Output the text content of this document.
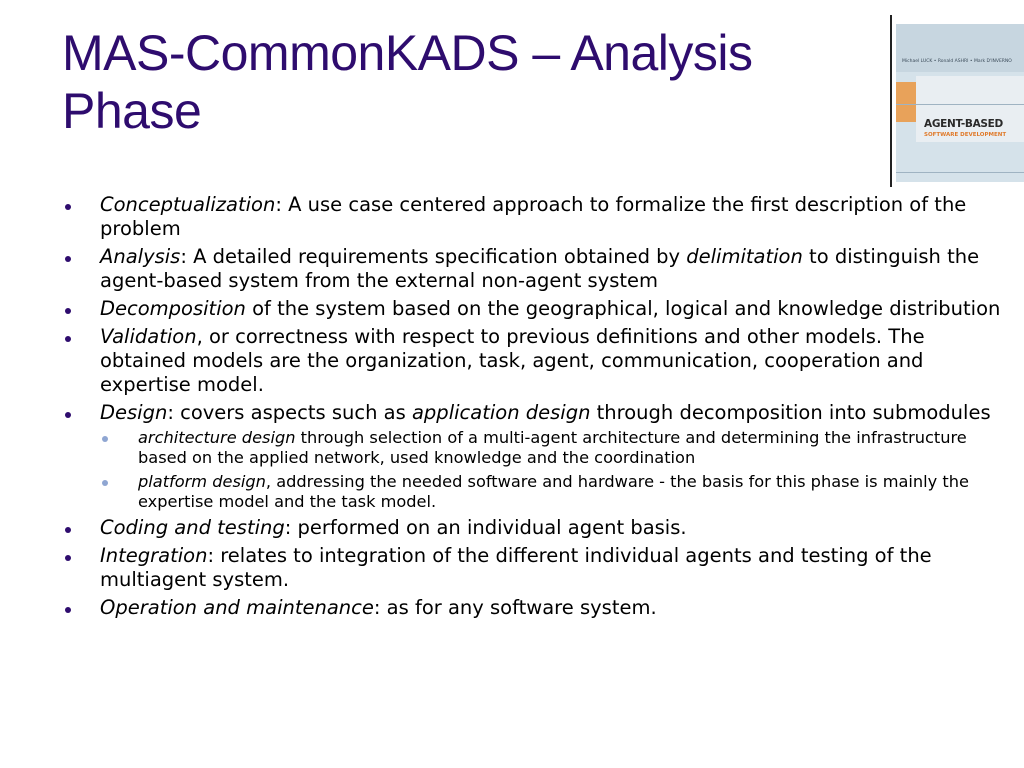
MAS-CommonKADS – Analysis
Phase
Michael LUCK • Ronald ASHRI • Mark D'INVERNO
AGENT-BASED
SOFTWARE DEVELOPMENT
Conceptualization: A use case centered approach to formalize the first description of the problem
Analysis: A detailed requirements specification obtained by delimitation to distinguish the agent-based system from the external non-agent system
Decomposition of the system based on the geographical, logical and knowledge distribution
Validation, or correctness with respect to previous definitions and other models. The obtained models are the organization, task, agent, communication, cooperation and expertise model.
Design: covers aspects such as application design through decomposition into submodules
architecture design through selection of a multi-agent architecture and determining the infrastructure based on the applied network, used knowledge and the coordination
platform design, addressing the needed software and hardware - the basis for this phase is mainly the expertise model and the task model.
Coding and testing: performed on an individual agent basis.
Integration: relates to integration of the different individual agents and testing of the multiagent system.
Operation and maintenance: as for any software system.
